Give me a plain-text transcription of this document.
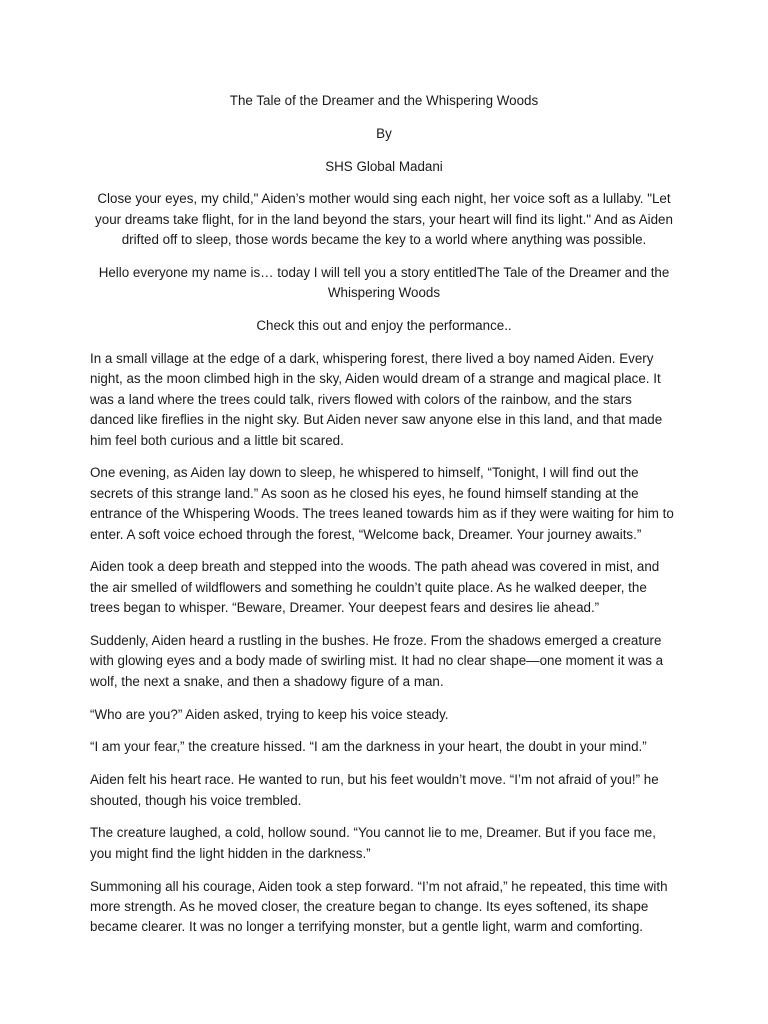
The Tale of the Dreamer and the Whispering Woods

By

SHS Global Madani

Close your eyes, my child," Aiden’s mother would sing each night, her voice soft as a lullaby. "Let your dreams take flight, for in the land beyond the stars, your heart will find its light." And as Aiden drifted off to sleep, those words became the key to a world where anything was possible.

Hello everyone my name is… today I will tell you a story entitledThe Tale of the Dreamer and the Whispering Woods

Check this out and enjoy the performance..

In a small village at the edge of a dark, whispering forest, there lived a boy named Aiden. Every night, as the moon climbed high in the sky, Aiden would dream of a strange and magical place. It was a land where the trees could talk, rivers flowed with colors of the rainbow, and the stars danced like fireflies in the night sky. But Aiden never saw anyone else in this land, and that made him feel both curious and a little bit scared.

One evening, as Aiden lay down to sleep, he whispered to himself, “Tonight, I will find out the secrets of this strange land.” As soon as he closed his eyes, he found himself standing at the entrance of the Whispering Woods. The trees leaned towards him as if they were waiting for him to enter. A soft voice echoed through the forest, “Welcome back, Dreamer. Your journey awaits.”

Aiden took a deep breath and stepped into the woods. The path ahead was covered in mist, and the air smelled of wildflowers and something he couldn’t quite place. As he walked deeper, the trees began to whisper. “Beware, Dreamer. Your deepest fears and desires lie ahead.”

Suddenly, Aiden heard a rustling in the bushes. He froze. From the shadows emerged a creature with glowing eyes and a body made of swirling mist. It had no clear shape—one moment it was a wolf, the next a snake, and then a shadowy figure of a man.

“Who are you?” Aiden asked, trying to keep his voice steady.

“I am your fear,” the creature hissed. “I am the darkness in your heart, the doubt in your mind.”

Aiden felt his heart race. He wanted to run, but his feet wouldn’t move. “I’m not afraid of you!” he shouted, though his voice trembled.

The creature laughed, a cold, hollow sound. “You cannot lie to me, Dreamer. But if you face me, you might find the light hidden in the darkness.”

Summoning all his courage, Aiden took a step forward. “I’m not afraid,” he repeated, this time with more strength. As he moved closer, the creature began to change. Its eyes softened, its shape became clearer. It was no longer a terrifying monster, but a gentle light, warm and comforting.
